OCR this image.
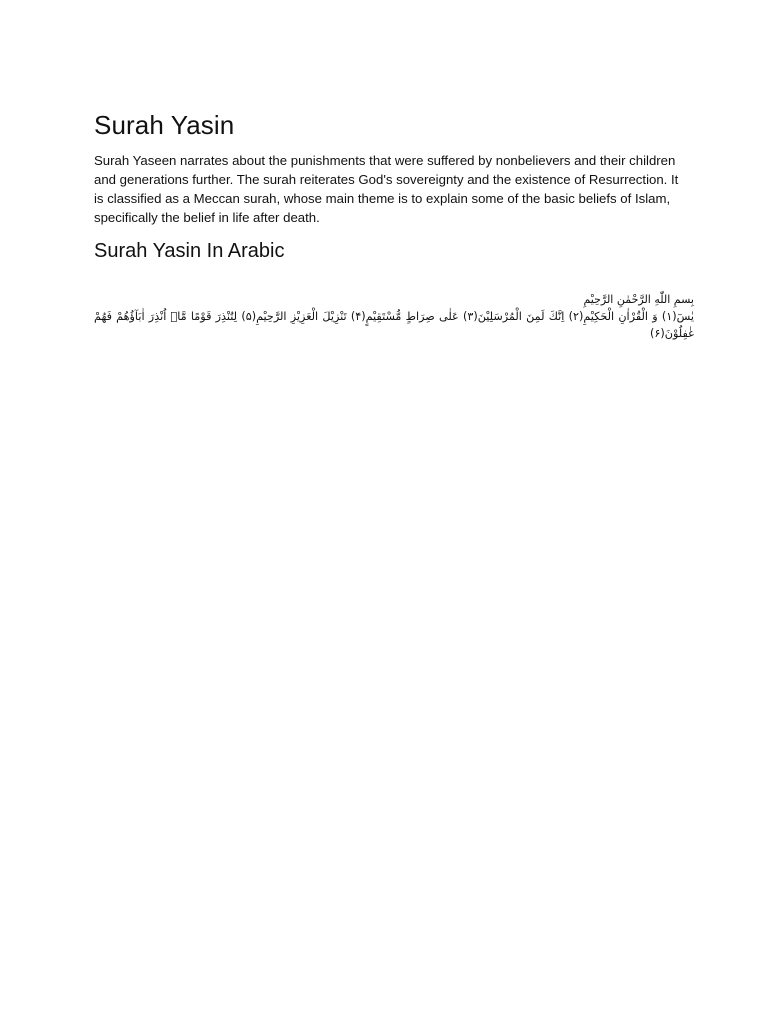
Surah Yasin

Surah Yaseen narrates about the punishments that were suffered by nonbelievers and their children and generations further. The surah reiterates God's sovereignty and the existence of Resurrection. It is classified as a Meccan surah, whose main theme is to explain some of the basic beliefs of Islam, specifically the belief in life after death.

Surah Yasin In Arabic

بِسمِ اللّٰهِ الرَّحْمٰنِ الرَّحِيْمِ

يٰسٓ(۱) وَ الْقُرْاٰنِ الْحَكِیْمِ(۲) اِنَّكَ لَمِنَ الْمُرْسَلِیْنَ(۳) عَلٰى صِرَاطٍ مُّسْتَقِیْمٍ(۴) تَنْزِیْلَ الْعَزِیْزِ الرَّحِیْمِ(۵) لِتُنْذِرَ قَوْمًا مَّاۤ اُنْذِرَ اٰبَآؤُهُمْ فَهُمْ غٰفِلُوْنَ(۶)
